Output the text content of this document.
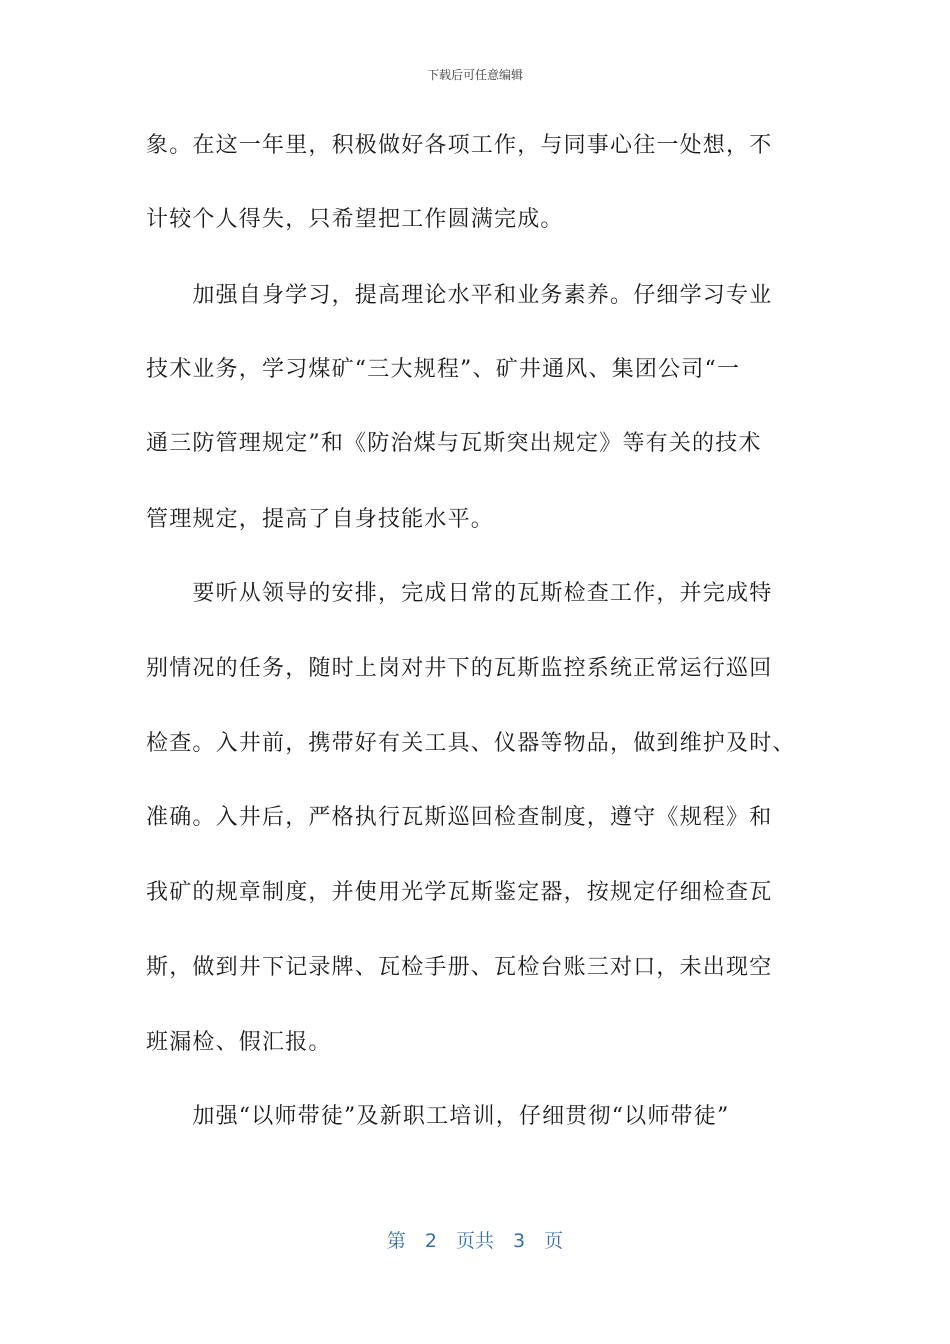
下载后可任意编辑
象。在这一年里，积极做好各项工作，与同事心往一处想，不
计较个人得失，只希望把工作圆满完成。
　　加强自身学习，提高理论水平和业务素养。仔细学习专业
技术业务，学习煤矿“三大规程”、矿井通风、集团公司“一
通三防管理规定”和《防治煤与瓦斯突出规定》等有关的技术
管理规定，提高了自身技能水平。
　　要听从领导的安排，完成日常的瓦斯检查工作，并完成特
别情况的任务，随时上岗对井下的瓦斯监控系统正常运行巡回
检查。入井前，携带好有关工具、仪器等物品，做到维护及时、
准确。入井后，严格执行瓦斯巡回检查制度，遵守《规程》和
我矿的规章制度，并使用光学瓦斯鉴定器，按规定仔细检查瓦
斯，做到井下记录牌、瓦检手册、瓦检台账三对口，未出现空
班漏检、假汇报。
　　加强“以师带徒”及新职工培训，仔细贯彻“以师带徒”
第　2　页共　3　页
